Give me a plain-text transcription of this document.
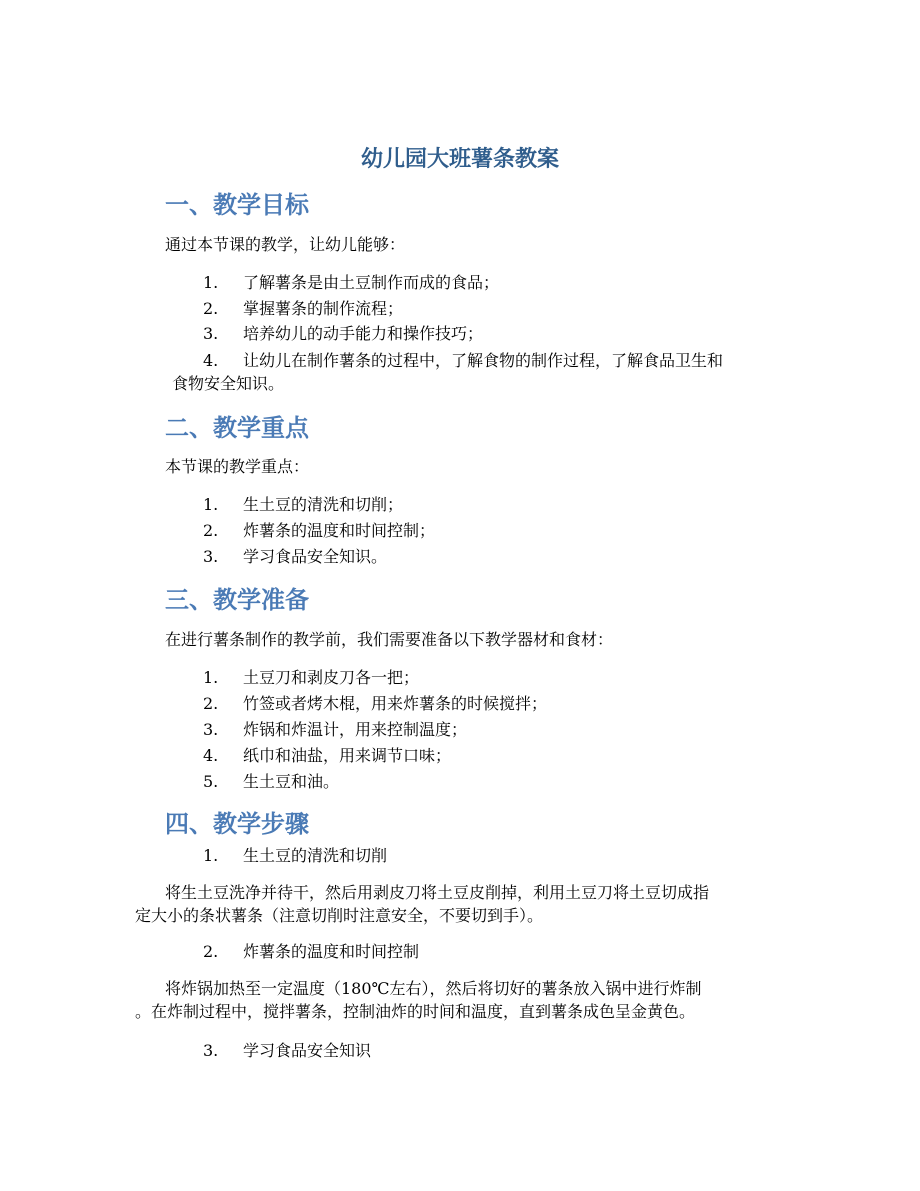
幼儿园大班薯条教案
一、教学目标
通过本节课的教学，让幼儿能够：
1. 了解薯条是由土豆制作而成的食品；
2. 掌握薯条的制作流程；
3. 培养幼儿的动手能力和操作技巧；
4. 让幼儿在制作薯条的过程中，了解食物的制作过程，了解食品卫生和
食物安全知识。
二、教学重点
本节课的教学重点：
1. 生土豆的清洗和切削；
2. 炸薯条的温度和时间控制；
3. 学习食品安全知识。
三、教学准备
在进行薯条制作的教学前，我们需要准备以下教学器材和食材：
1. 土豆刀和剥皮刀各一把；
2. 竹签或者烤木棍，用来炸薯条的时候搅拌；
3. 炸锅和炸温计，用来控制温度；
4. 纸巾和油盐，用来调节口味；
5. 生土豆和油。
四、教学步骤
1. 生土豆的清洗和切削
将生土豆洗净并待干，然后用剥皮刀将土豆皮削掉，利用土豆刀将土豆切成指
定大小的条状薯条（注意切削时注意安全，不要切到手）。
2. 炸薯条的温度和时间控制
将炸锅加热至一定温度（180℃左右），然后将切好的薯条放入锅中进行炸制
。在炸制过程中，搅拌薯条，控制油炸的时间和温度，直到薯条成色呈金黄色。
3. 学习食品安全知识
